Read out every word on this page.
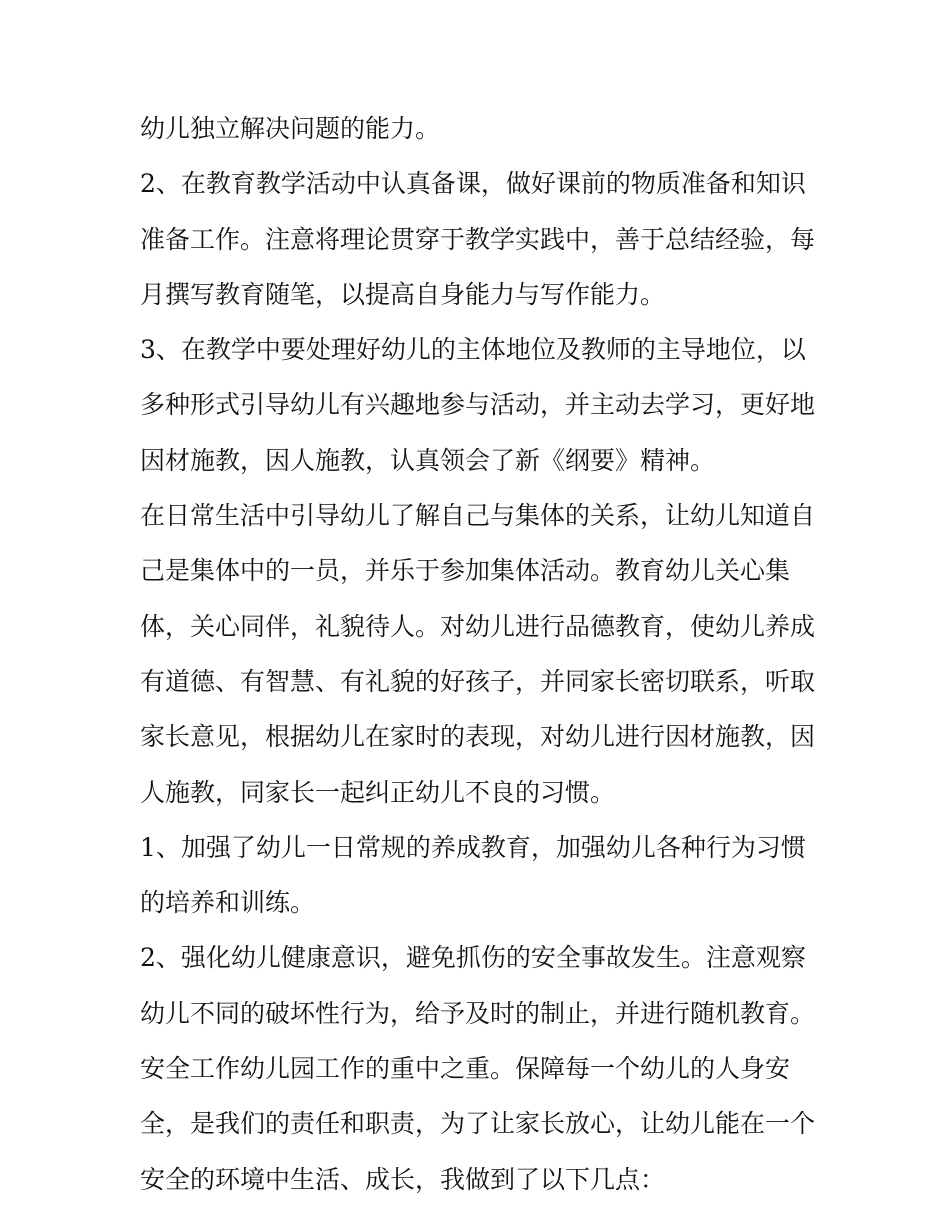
幼儿独立解决问题的能力。

2、在教育教学活动中认真备课，做好课前的物质准备和知识

准备工作。注意将理论贯穿于教学实践中，善于总结经验，每

月撰写教育随笔，以提高自身能力与写作能力。

3、在教学中要处理好幼儿的主体地位及教师的主导地位，以

多种形式引导幼儿有兴趣地参与活动，并主动去学习，更好地

因材施教，因人施教，认真领会了新《纲要》精神。

在日常生活中引导幼儿了解自己与集体的关系，让幼儿知道自

己是集体中的一员，并乐于参加集体活动。教育幼儿关心集

体，关心同伴，礼貌待人。对幼儿进行品德教育，使幼儿养成

有道德、有智慧、有礼貌的好孩子，并同家长密切联系，听取

家长意见，根据幼儿在家时的表现，对幼儿进行因材施教，因

人施教，同家长一起纠正幼儿不良的习惯。

1、加强了幼儿一日常规的养成教育，加强幼儿各种行为习惯

的培养和训练。

2、强化幼儿健康意识，避免抓伤的安全事故发生。注意观察

幼儿不同的破坏性行为，给予及时的制止，并进行随机教育。

安全工作幼儿园工作的重中之重。保障每一个幼儿的人身安

全，是我们的责任和职责，为了让家长放心，让幼儿能在一个

安全的环境中生活、成长，我做到了以下几点：
